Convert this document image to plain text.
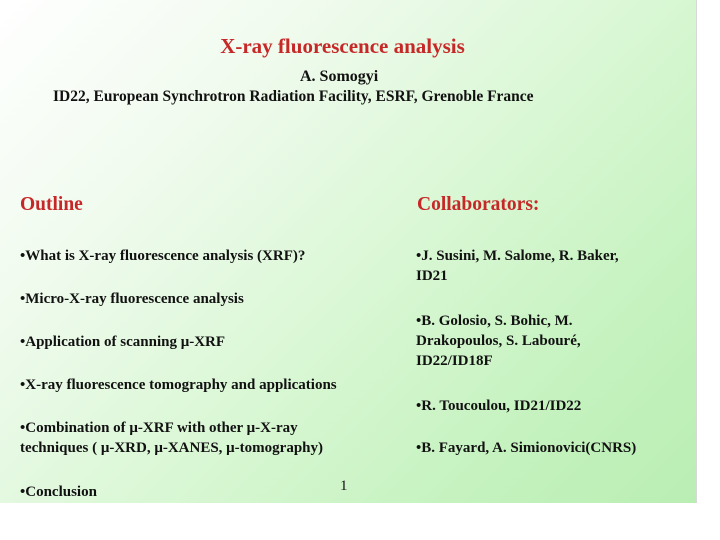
X-ray fluorescence analysis
A. Somogyi
ID22, European Synchrotron Radiation Facility, ESRF, Grenoble France
Outline	Collaborators:
•What is X-ray fluorescence analysis (XRF)?
•Micro-X-ray fluorescence analysis
•Application of scanning μ-XRF
•X-ray fluorescence tomography and applications
•Combination of μ-XRF with other μ-X-ray
techniques ( μ-XRD, μ-XANES, μ-tomography)
•Conclusion
•J. Susini, M. Salome, R. Baker,
ID21
•B. Golosio, S. Bohic, M.
Drakopoulos, S. Labouré,
ID22/ID18F
•R. Toucoulou, ID21/ID22
•B. Fayard, A. Simionovici(CNRS)
1
